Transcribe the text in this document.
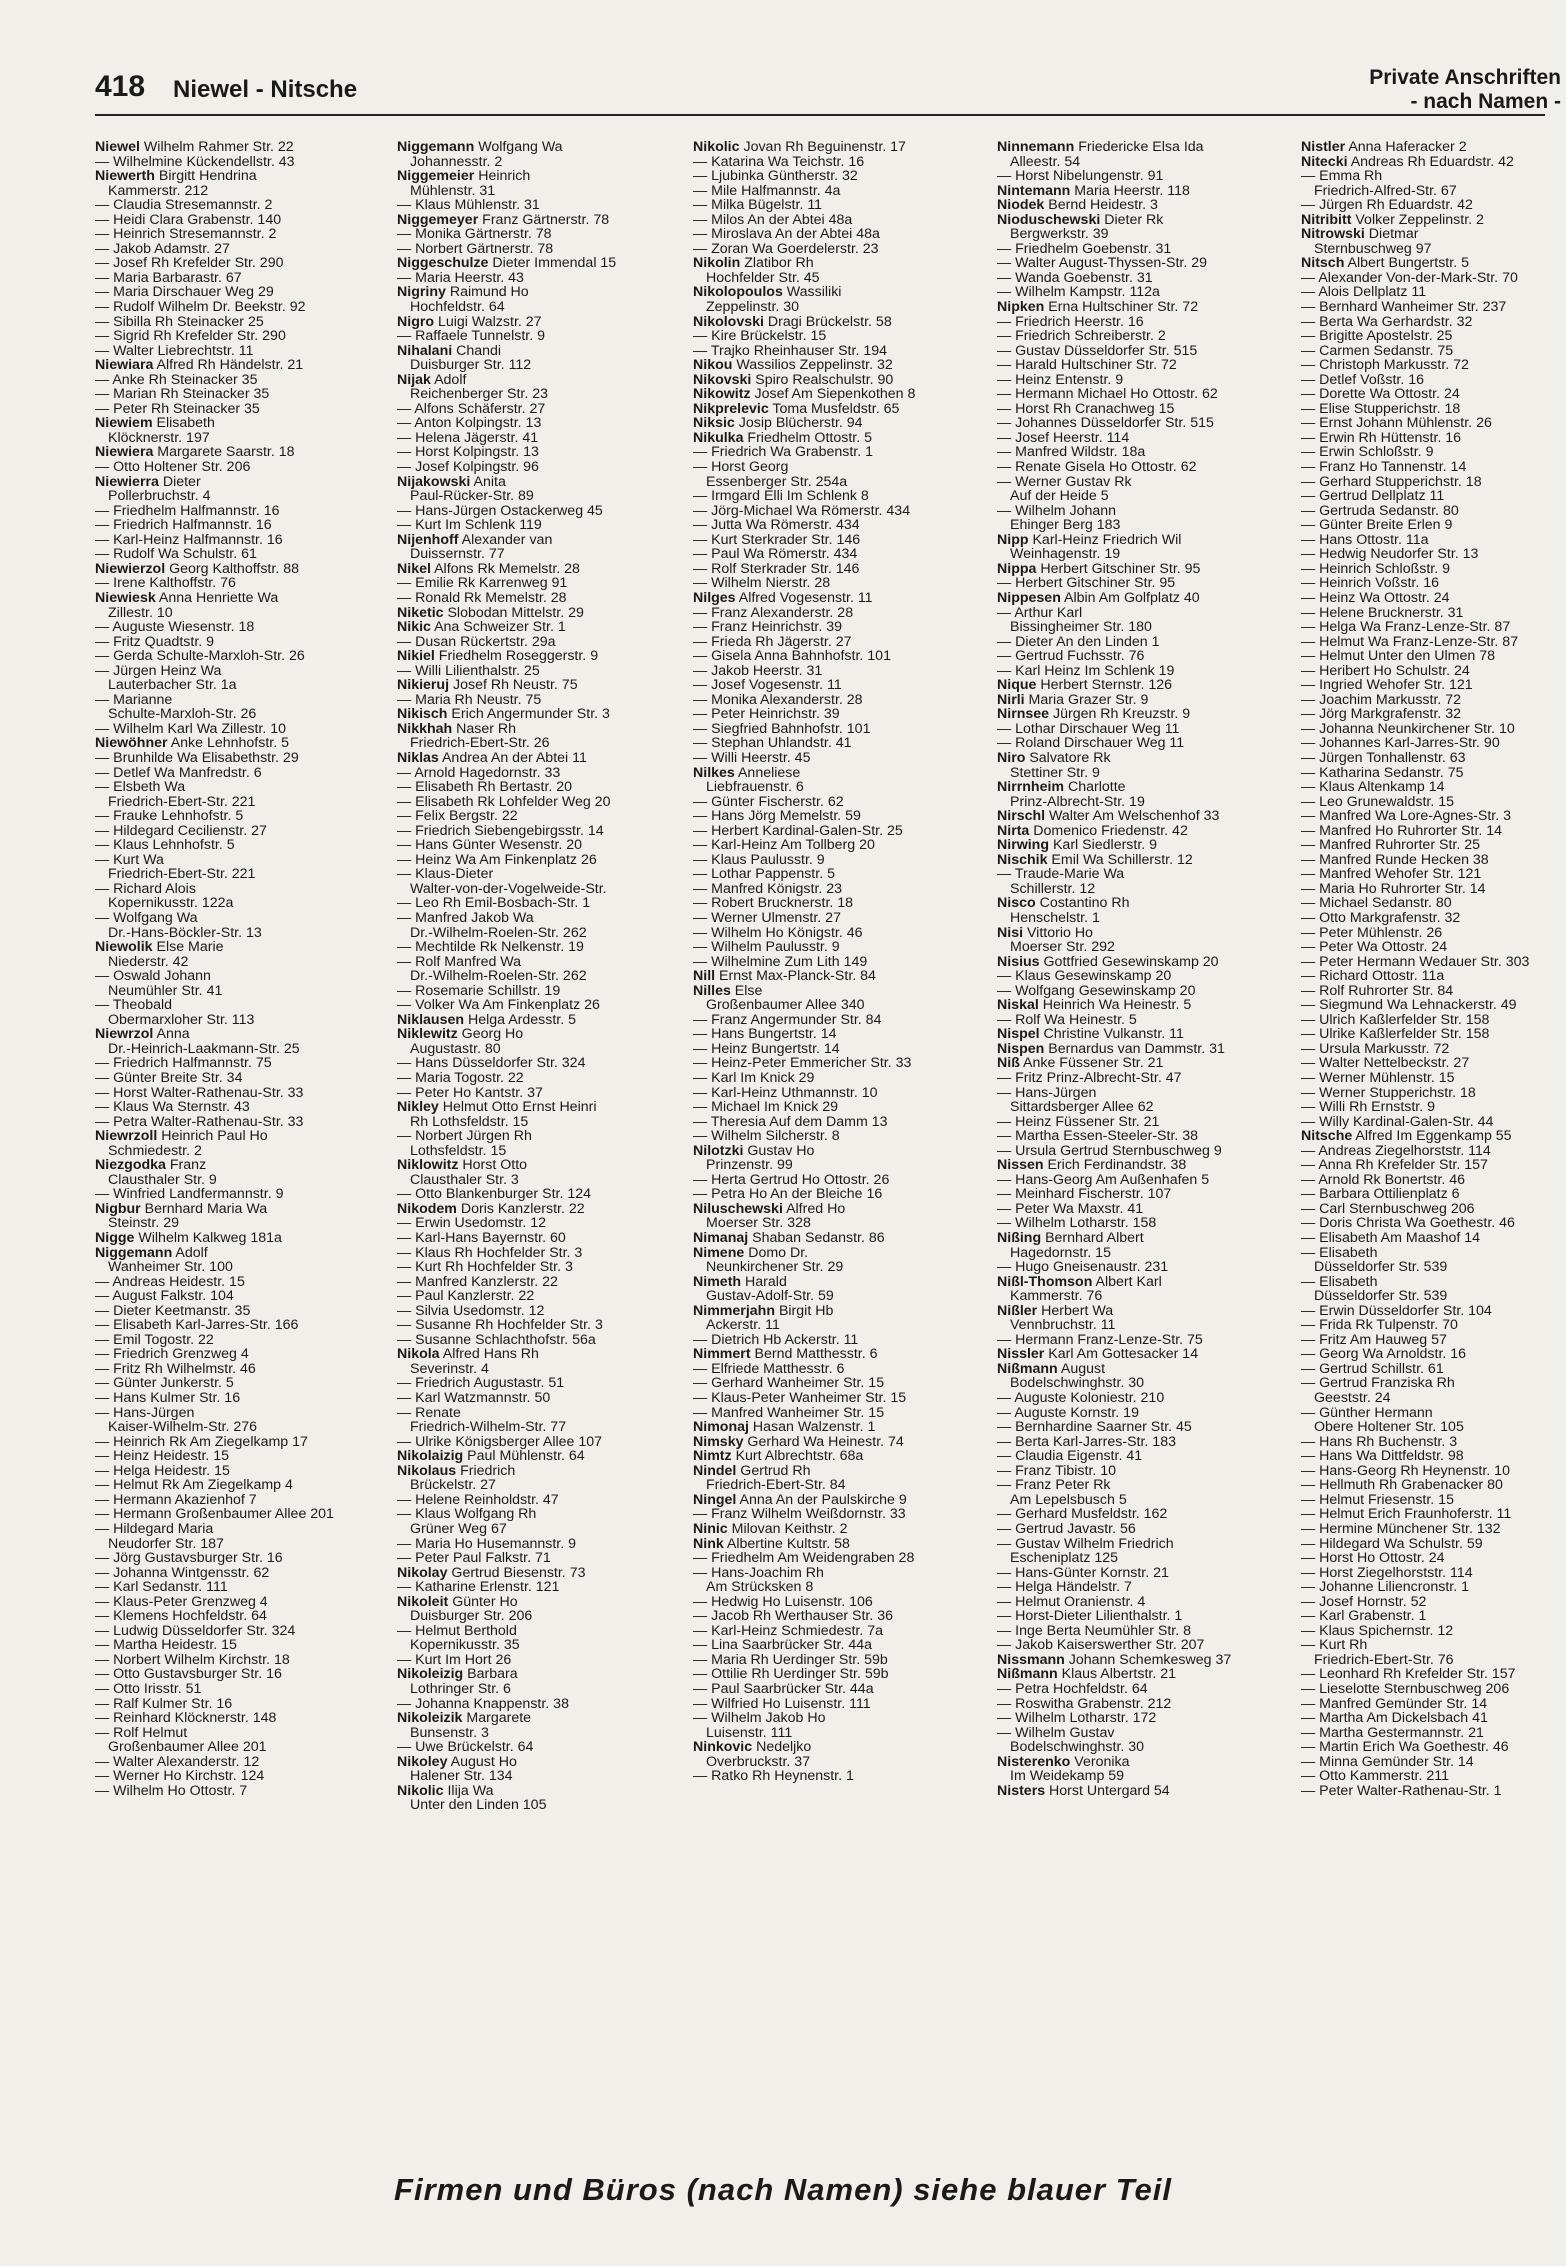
418 Niewel - Nitsche	Private Anschriften
- nach Namen -
Niewel Wilhelm Rahmer Str. 22
— Wilhelmine Kückendellstr. 43
Niewerth Birgitt Hendrina
Kammerstr. 212
— Claudia Stresemannstr. 2
— Heidi Clara Grabenstr. 140
— Heinrich Stresemannstr. 2
— Jakob Adamstr. 27
— Josef Rh Krefelder Str. 290
— Maria Barbarastr. 67
— Maria Dirschauer Weg 29
— Rudolf Wilhelm Dr. Beekstr. 92
— Sibilla Rh Steinacker 25
— Sigrid Rh Krefelder Str. 290
— Walter Liebrechtstr. 11
Niewiara Alfred Rh Händelstr. 21
— Anke Rh Steinacker 35
— Marian Rh Steinacker 35
— Peter Rh Steinacker 35
Niewiem Elisabeth
Klöcknerstr. 197
Niewiera Margarete Saarstr. 18
— Otto Holtener Str. 206
Niewierra Dieter
Pollerbruchstr. 4
— Friedhelm Halfmannstr. 16
— Friedrich Halfmannstr. 16
— Karl-Heinz Halfmannstr. 16
— Rudolf Wa Schulstr. 61
Niewierzol Georg Kalthoffstr. 88
— Irene Kalthoffstr. 76
Niewiesk Anna Henriette Wa
Zillestr. 10
— Auguste Wiesenstr. 18
— Fritz Quadtstr. 9
— Gerda Schulte-Marxloh-Str. 26
— Jürgen Heinz Wa
Lauterbacher Str. 1a
— Marianne
Schulte-Marxloh-Str. 26
— Wilhelm Karl Wa Zillestr. 10
Niewöhner Anke Lehnhofstr. 5
— Brunhilde Wa Elisabethstr. 29
— Detlef Wa Manfredstr. 6
— Elsbeth Wa
Friedrich-Ebert-Str. 221
— Frauke Lehnhofstr. 5
— Hildegard Cecilienstr. 27
— Klaus Lehnhofstr. 5
— Kurt Wa
Friedrich-Ebert-Str. 221
— Richard Alois
Kopernikusstr. 122a
— Wolfgang Wa
Dr.-Hans-Böckler-Str. 13
Niewolik Else Marie
Niederstr. 42
— Oswald Johann
Neumühler Str. 41
— Theobald
Obermarxloher Str. 113
Niewrzol Anna
Dr.-Heinrich-Laakmann-Str. 25
— Friedrich Halfmannstr. 75
— Günter Breite Str. 34
— Horst Walter-Rathenau-Str. 33
— Klaus Wa Sternstr. 43
— Petra Walter-Rathenau-Str. 33
Niewrzoll Heinrich Paul Ho
Schmiedestr. 2
Niezgodka Franz
Clausthaler Str. 9
— Winfried Landfermannstr. 9
Nigbur Bernhard Maria Wa
Steinstr. 29
Nigge Wilhelm Kalkweg 181a
Niggemann Adolf
Wanheimer Str. 100
— Andreas Heidestr. 15
— August Falkstr. 104
— Dieter Keetmanstr. 35
— Elisabeth Karl-Jarres-Str. 166
— Emil Togostr. 22
— Friedrich Grenzweg 4
— Fritz Rh Wilhelmstr. 46
— Günter Junkerstr. 5
— Hans Kulmer Str. 16
— Hans-Jürgen
Kaiser-Wilhelm-Str. 276
— Heinrich Rk Am Ziegelkamp 17
— Heinz Heidestr. 15
— Helga Heidestr. 15
— Helmut Rk Am Ziegelkamp 4
— Hermann Akazienhof 7
— Hermann Großenbaumer Allee 201
— Hildegard Maria
Neudorfer Str. 187
— Jörg Gustavsburger Str. 16
— Johanna Wintgensstr. 62
— Karl Sedanstr. 111
— Klaus-Peter Grenzweg 4
— Klemens Hochfeldstr. 64
— Ludwig Düsseldorfer Str. 324
— Martha Heidestr. 15
— Norbert Wilhelm Kirchstr. 18
— Otto Gustavsburger Str. 16
— Otto Irisstr. 51
— Ralf Kulmer Str. 16
— Reinhard Klöcknerstr. 148
— Rolf Helmut
Großenbaumer Allee 201
— Walter Alexanderstr. 12
— Werner Ho Kirchstr. 124
— Wilhelm Ho Ottostr. 7
Niggemann Wolfgang Wa
Johannesstr. 2
Niggemeier Heinrich
Mühlenstr. 31
— Klaus Mühlenstr. 31
Niggemeyer Franz Gärtnerstr. 78
— Monika Gärtnerstr. 78
— Norbert Gärtnerstr. 78
Niggeschulze Dieter Immendal 15
— Maria Heerstr. 43
Nigriny Raimund Ho
Hochfeldstr. 64
Nigro Luigi Walzstr. 27
— Raffaele Tunnelstr. 9
Nihalani Chandi
Duisburger Str. 112
Nijak Adolf
Reichenberger Str. 23
— Alfons Schäferstr. 27
— Anton Kolpingstr. 13
— Helena Jägerstr. 41
— Horst Kolpingstr. 13
— Josef Kolpingstr. 96
Nijakowski Anita
Paul-Rücker-Str. 89
— Hans-Jürgen Ostackerweg 45
— Kurt Im Schlenk 119
Nijenhoff Alexander van
Duissernstr. 77
Nikel Alfons Rk Memelstr. 28
— Emilie Rk Karrenweg 91
— Ronald Rk Memelstr. 28
Niketic Slobodan Mittelstr. 29
Nikic Ana Schweizer Str. 1
— Dusan Rückertstr. 29a
Nikiel Friedhelm Roseggerstr. 9
— Willi Lilienthalstr. 25
Nikieruj Josef Rh Neustr. 75
— Maria Rh Neustr. 75
Nikisch Erich Angermunder Str. 3
Nikkhah Naser Rh
Friedrich-Ebert-Str. 26
Niklas Andrea An der Abtei 11
— Arnold Hagedornstr. 33
— Elisabeth Rh Bertastr. 20
— Elisabeth Rk Lohfelder Weg 20
— Felix Bergstr. 22
— Friedrich Siebengebirgsstr. 14
— Hans Günter Wesenstr. 20
— Heinz Wa Am Finkenplatz 26
— Klaus-Dieter
Walter-von-der-Vogelweide-Str.
— Leo Rh Emil-Bosbach-Str. 1
— Manfred Jakob Wa
Dr.-Wilhelm-Roelen-Str. 262
— Mechtilde Rk Nelkenstr. 19
— Rolf Manfred Wa
Dr.-Wilhelm-Roelen-Str. 262
— Rosemarie Schillstr. 19
— Volker Wa Am Finkenplatz 26
Niklausen Helga Ardesstr. 5
Niklewitz Georg Ho
Augustastr. 80
— Hans Düsseldorfer Str. 324
— Maria Togostr. 22
— Peter Ho Kantstr. 37
Nikley Helmut Otto Ernst Heinri
Rh Lothsfeldstr. 15
— Norbert Jürgen Rh
Lothsfeldstr. 15
Niklowitz Horst Otto
Clausthaler Str. 3
— Otto Blankenburger Str. 124
Nikodem Doris Kanzlerstr. 22
— Erwin Usedomstr. 12
— Karl-Hans Bayernstr. 60
— Klaus Rh Hochfelder Str. 3
— Kurt Rh Hochfelder Str. 3
— Manfred Kanzlerstr. 22
— Paul Kanzlerstr. 22
— Silvia Usedomstr. 12
— Susanne Rh Hochfelder Str. 3
— Susanne Schlachthofstr. 56a
Nikola Alfred Hans Rh
Severinstr. 4
— Friedrich Augustastr. 51
— Karl Watzmannstr. 50
— Renate
Friedrich-Wilhelm-Str. 77
— Ulrike Königsberger Allee 107
Nikolaizig Paul Mühlenstr. 64
Nikolaus Friedrich
Brückelstr. 27
— Helene Reinholdstr. 47
— Klaus Wolfgang Rh
Grüner Weg 67
— Maria Ho Husemannstr. 9
— Peter Paul Falkstr. 71
Nikolay Gertrud Biesenstr. 73
— Katharine Erlenstr. 121
Nikoleit Günter Ho
Duisburger Str. 206
— Helmut Berthold
Kopernikusstr. 35
— Kurt Im Hort 26
Nikoleizig Barbara
Lothringer Str. 6
— Johanna Knappenstr. 38
Nikoleizik Margarete
Bunsenstr. 3
— Uwe Brückelstr. 64
Nikoley August Ho
Halener Str. 134
Nikolic Ilija Wa
Unter den Linden 105
Nikolic Jovan Rh Beguinenstr. 17
— Katarina Wa Teichstr. 16
— Ljubinka Güntherstr. 32
— Mile Halfmannstr. 4a
— Milka Bügelstr. 11
— Milos An der Abtei 48a
— Miroslava An der Abtei 48a
— Zoran Wa Goerdelerstr. 23
Nikolin Zlatibor Rh
Hochfelder Str. 45
Nikolopoulos Wassiliki
Zeppelinstr. 30
Nikolovski Dragi Brückelstr. 58
— Kire Brückelstr. 15
— Trajko Rheinhauser Str. 194
Nikou Wassilios Zeppelinstr. 32
Nikovski Spiro Realschulstr. 90
Nikowitz Josef Am Siepenkothen 8
Nikprelevic Toma Musfeldstr. 65
Niksic Josip Blücherstr. 94
Nikulka Friedhelm Ottostr. 5
— Friedrich Wa Grabenstr. 1
— Horst Georg
Essenberger Str. 254a
— Irmgard Elli Im Schlenk 8
— Jörg-Michael Wa Römerstr. 434
— Jutta Wa Römerstr. 434
— Kurt Sterkrader Str. 146
— Paul Wa Römerstr. 434
— Rolf Sterkrader Str. 146
— Wilhelm Nierstr. 28
Nilges Alfred Vogesenstr. 11
— Franz Alexanderstr. 28
— Franz Heinrichstr. 39
— Frieda Rh Jägerstr. 27
— Gisela Anna Bahnhofstr. 101
— Jakob Heerstr. 31
— Josef Vogesenstr. 11
— Monika Alexanderstr. 28
— Peter Heinrichstr. 39
— Siegfried Bahnhofstr. 101
— Stephan Uhlandstr. 41
— Willi Heerstr. 45
Nilkes Anneliese
Liebfrauenstr. 6
— Günter Fischerstr. 62
— Hans Jörg Memelstr. 59
— Herbert Kardinal-Galen-Str. 25
— Karl-Heinz Am Tollberg 20
— Klaus Paulusstr. 9
— Lothar Pappenstr. 5
— Manfred Königstr. 23
— Robert Brucknerstr. 18
— Werner Ulmenstr. 27
— Wilhelm Ho Königstr. 46
— Wilhelm Paulusstr. 9
— Wilhelmine Zum Lith 149
Nill Ernst Max-Planck-Str. 84
Nilles Else
Großenbaumer Allee 340
— Franz Angermunder Str. 84
— Hans Bungertstr. 14
— Heinz Bungertstr. 14
— Heinz-Peter Emmericher Str. 33
— Karl Im Knick 29
— Karl-Heinz Uthmannstr. 10
— Michael Im Knick 29
— Theresia Auf dem Damm 13
— Wilhelm Silcherstr. 8
Nilotzki Gustav Ho
Prinzenstr. 99
— Herta Gertrud Ho Ottostr. 26
— Petra Ho An der Bleiche 16
Niluschewski Alfred Ho
Moerser Str. 328
Nimanaj Shaban Sedanstr. 86
Nimene Domo Dr.
Neunkirchener Str. 29
Nimeth Harald
Gustav-Adolf-Str. 59
Nimmerjahn Birgit Hb
Ackerstr. 11
— Dietrich Hb Ackerstr. 11
Nimmert Bernd Matthesstr. 6
— Elfriede Matthesstr. 6
— Gerhard Wanheimer Str. 15
— Klaus-Peter Wanheimer Str. 15
— Manfred Wanheimer Str. 15
Nimonaj Hasan Walzenstr. 1
Nimsky Gerhard Wa Heinestr. 74
Nimtz Kurt Albrechtstr. 68a
Nindel Gertrud Rh
Friedrich-Ebert-Str. 84
Ningel Anna An der Paulskirche 9
— Franz Wilhelm Weißdornstr. 33
Ninic Milovan Keithstr. 2
Nink Albertine Kultstr. 58
— Friedhelm Am Weidengraben 28
— Hans-Joachim Rh
Am Strücksken 8
— Hedwig Ho Luisenstr. 106
— Jacob Rh Werthauser Str. 36
— Karl-Heinz Schmiedestr. 7a
— Lina Saarbrücker Str. 44a
— Maria Rh Uerdinger Str. 59b
— Ottilie Rh Uerdinger Str. 59b
— Paul Saarbrücker Str. 44a
— Wilfried Ho Luisenstr. 111
— Wilhelm Jakob Ho
Luisenstr. 111
Ninkovic Nedeljko
Overbruckstr. 37
— Ratko Rh Heynenstr. 1
Ninnemann Friedericke Elsa Ida
Alleestr. 54
— Horst Nibelungenstr. 91
Nintemann Maria Heerstr. 118
Niodek Bernd Heidestr. 3
Nioduschewski Dieter Rk
Bergwerkstr. 39
— Friedhelm Goebenstr. 31
— Walter August-Thyssen-Str. 29
— Wanda Goebenstr. 31
— Wilhelm Kampstr. 112a
Nipken Erna Hultschiner Str. 72
— Friedrich Heerstr. 16
— Friedrich Schreiberstr. 2
— Gustav Düsseldorfer Str. 515
— Harald Hultschiner Str. 72
— Heinz Entenstr. 9
— Hermann Michael Ho Ottostr. 62
— Horst Rh Cranachweg 15
— Johannes Düsseldorfer Str. 515
— Josef Heerstr. 114
— Manfred Wildstr. 18a
— Renate Gisela Ho Ottostr. 62
— Werner Gustav Rk
Auf der Heide 5
— Wilhelm Johann
Ehinger Berg 183
Nipp Karl-Heinz Friedrich Wil
Weinhagenstr. 19
Nippa Herbert Gitschiner Str. 95
— Herbert Gitschiner Str. 95
Nippesen Albin Am Golfplatz 40
— Arthur Karl
Bissingheimer Str. 180
— Dieter An den Linden 1
— Gertrud Fuchsstr. 76
— Karl Heinz Im Schlenk 19
Nique Herbert Sternstr. 126
Nirli Maria Grazer Str. 9
Nirnsee Jürgen Rh Kreuzstr. 9
— Lothar Dirschauer Weg 11
— Roland Dirschauer Weg 11
Niro Salvatore Rk
Stettiner Str. 9
Nirrnheim Charlotte
Prinz-Albrecht-Str. 19
Nirschl Walter Am Welschenhof 33
Nirta Domenico Friedenstr. 42
Nirwing Karl Siedlerstr. 9
Nischik Emil Wa Schillerstr. 12
— Traude-Marie Wa
Schillerstr. 12
Nisco Costantino Rh
Henschelstr. 1
Nisi Vittorio Ho
Moerser Str. 292
Nisius Gottfried Gesewinskamp 20
— Klaus Gesewinskamp 20
— Wolfgang Gesewinskamp 20
Niskal Heinrich Wa Heinestr. 5
— Rolf Wa Heinestr. 5
Nispel Christine Vulkanstr. 11
Nispen Bernardus van Dammstr. 31
Niß Anke Füssener Str. 21
— Fritz Prinz-Albrecht-Str. 47
— Hans-Jürgen
Sittardsberger Allee 62
— Heinz Füssener Str. 21
— Martha Essen-Steeler-Str. 38
— Ursula Gertrud Sternbuschweg 9
Nissen Erich Ferdinandstr. 38
— Hans-Georg Am Außenhafen 5
— Meinhard Fischerstr. 107
— Peter Wa Maxstr. 41
— Wilhelm Lotharstr. 158
Nißing Bernhard Albert
Hagedornstr. 15
— Hugo Gneisenaustr. 231
Nißl-Thomson Albert Karl
Kammerstr. 76
Nißler Herbert Wa
Vennbruchstr. 11
— Hermann Franz-Lenze-Str. 75
Nissler Karl Am Gottesacker 14
Nißmann August
Bodelschwinghstr. 30
— Auguste Koloniestr. 210
— Auguste Kornstr. 19
— Bernhardine Saarner Str. 45
— Berta Karl-Jarres-Str. 183
— Claudia Eigenstr. 41
— Franz Tibistr. 10
— Franz Peter Rk
Am Lepelsbusch 5
— Gerhard Musfeldstr. 162
— Gertrud Javastr. 56
— Gustav Wilhelm Friedrich
Escheniplatz 125
— Hans-Günter Kornstr. 21
— Helga Händelstr. 7
— Helmut Oranienstr. 4
— Horst-Dieter Lilienthalstr. 1
— Inge Berta Neumühler Str. 8
— Jakob Kaiserswerther Str. 207
Nissmann Johann Schemkesweg 37
Nißmann Klaus Albertstr. 21
— Petra Hochfeldstr. 64
— Roswitha Grabenstr. 212
— Wilhelm Lotharstr. 172
— Wilhelm Gustav
Bodelschwinghstr. 30
Nisterenko Veronika
Im Weidekamp 59
Nisters Horst Untergard 54
Nistler Anna Haferacker 2
Nitecki Andreas Rh Eduardstr. 42
— Emma Rh
Friedrich-Alfred-Str. 67
— Jürgen Rh Eduardstr. 42
Nitribitt Volker Zeppelinstr. 2
Nitrowski Dietmar
Sternbuschweg 97
Nitsch Albert Bungertstr. 5
— Alexander Von-der-Mark-Str. 70
— Alois Dellplatz 11
— Bernhard Wanheimer Str. 237
— Berta Wa Gerhardstr. 32
— Brigitte Apostelstr. 25
— Carmen Sedanstr. 75
— Christoph Markusstr. 72
— Detlef Voßstr. 16
— Dorette Wa Ottostr. 24
— Elise Stupperichstr. 18
— Ernst Johann Mühlenstr. 26
— Erwin Rh Hüttenstr. 16
— Erwin Schloßstr. 9
— Franz Ho Tannenstr. 14
— Gerhard Stupperichstr. 18
— Gertrud Dellplatz 11
— Gertruda Sedanstr. 80
— Günter Breite Erlen 9
— Hans Ottostr. 11a
— Hedwig Neudorfer Str. 13
— Heinrich Schloßstr. 9
— Heinrich Voßstr. 16
— Heinz Wa Ottostr. 24
— Helene Brucknerstr. 31
— Helga Wa Franz-Lenze-Str. 87
— Helmut Wa Franz-Lenze-Str. 87
— Helmut Unter den Ulmen 78
— Heribert Ho Schulstr. 24
— Ingried Wehofer Str. 121
— Joachim Markusstr. 72
— Jörg Markgrafenstr. 32
— Johanna Neunkirchener Str. 10
— Johannes Karl-Jarres-Str. 90
— Jürgen Tonhallenstr. 63
— Katharina Sedanstr. 75
— Klaus Altenkamp 14
— Leo Grunewaldstr. 15
— Manfred Wa Lore-Agnes-Str. 3
— Manfred Ho Ruhrorter Str. 14
— Manfred Ruhrorter Str. 25
— Manfred Runde Hecken 38
— Manfred Wehofer Str. 121
— Maria Ho Ruhrorter Str. 14
— Michael Sedanstr. 80
— Otto Markgrafenstr. 32
— Peter Mühlenstr. 26
— Peter Wa Ottostr. 24
— Peter Hermann Wedauer Str. 303
— Richard Ottostr. 11a
— Rolf Ruhrorter Str. 84
— Siegmund Wa Lehnackerstr. 49
— Ulrich Kaßlerfelder Str. 158
— Ulrike Kaßlerfelder Str. 158
— Ursula Markusstr. 72
— Walter Nettelbeckstr. 27
— Werner Mühlenstr. 15
— Werner Stupperichstr. 18
— Willi Rh Ernststr. 9
— Willy Kardinal-Galen-Str. 44
Nitsche Alfred Im Eggenkamp 55
— Andreas Ziegelhorststr. 114
— Anna Rh Krefelder Str. 157
— Arnold Rk Bonertstr. 46
— Barbara Ottilienplatz 6
— Carl Sternbuschweg 206
— Doris Christa Wa Goethestr. 46
— Elisabeth Am Maashof 14
— Elisabeth
Düsseldorfer Str. 539
— Elisabeth
Düsseldorfer Str. 539
— Erwin Düsseldorfer Str. 104
— Frida Rk Tulpenstr. 70
— Fritz Am Hauweg 57
— Georg Wa Arnoldstr. 16
— Gertrud Schillstr. 61
— Gertrud Franziska Rh
Geeststr. 24
— Günther Hermann
Obere Holtener Str. 105
— Hans Rh Buchenstr. 3
— Hans Wa Dittfeldstr. 98
— Hans-Georg Rh Heynenstr. 10
— Hellmuth Rh Grabenacker 80
— Helmut Friesenstr. 15
— Helmut Erich Fraunhoferstr. 11
— Hermine Münchener Str. 132
— Hildegard Wa Schulstr. 59
— Horst Ho Ottostr. 24
— Horst Ziegelhorststr. 114
— Johanne Liliencronstr. 1
— Josef Hornstr. 52
— Karl Grabenstr. 1
— Klaus Spichernstr. 12
— Kurt Rh
Friedrich-Ebert-Str. 76
— Leonhard Rh Krefelder Str. 157
— Lieselotte Sternbuschweg 206
— Manfred Gemünder Str. 14
— Martha Am Dickelsbach 41
— Martha Gestermannstr. 21
— Martin Erich Wa Goethestr. 46
— Minna Gemünder Str. 14
— Otto Kammerstr. 211
— Peter Walter-Rathenau-Str. 1
Firmen und Büros (nach Namen) siehe blauer Teil
